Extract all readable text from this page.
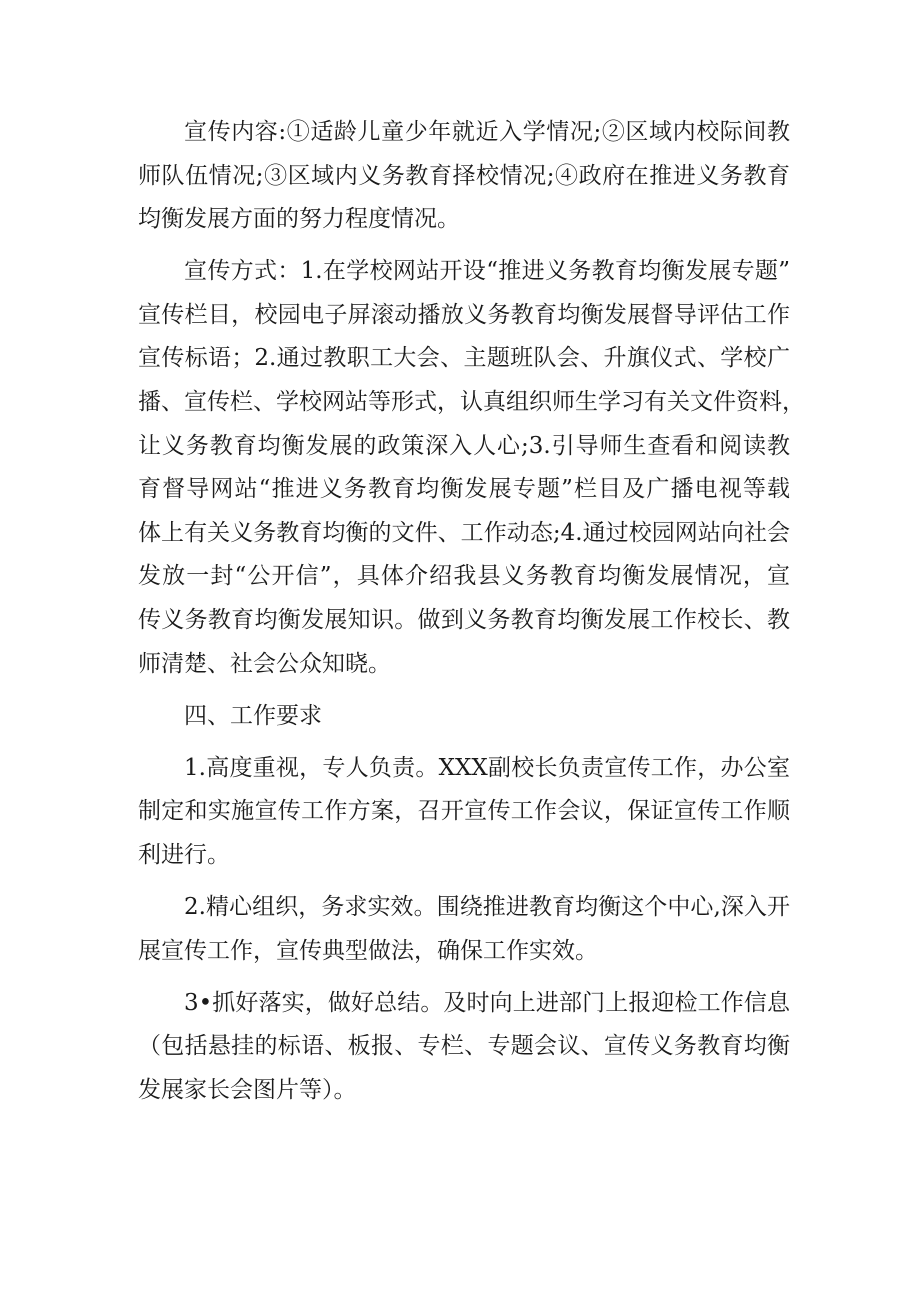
宣传内容:①适龄儿童少年就近入学情况;②区域内校际间教
师队伍情况;③区域内义务教育择校情况;④政府在推进义务教育
均衡发展方面的努力程度情况。
宣传方式：1.在学校网站开设“推进义务教育均衡发展专题”
宣传栏目，校园电子屏滚动播放义务教育均衡发展督导评估工作
宣传标语；2.通过教职工大会、主题班队会、升旗仪式、学校广
播、宣传栏、学校网站等形式，认真组织师生学习有关文件资料，
让义务教育均衡发展的政策深入人心;3.引导师生查看和阅读教
育督导网站“推进义务教育均衡发展专题”栏目及广播电视等载
体上有关义务教育均衡的文件、工作动态;4.通过校园网站向社会
发放一封“公开信”，具体介绍我县义务教育均衡发展情况，宣
传义务教育均衡发展知识。做到义务教育均衡发展工作校长、教
师清楚、社会公众知晓。
四、工作要求
1.高度重视，专人负责。XXX副校长负责宣传工作，办公室
制定和实施宣传工作方案，召开宣传工作会议，保证宣传工作顺
利进行。
2.精心组织，务求实效。围绕推进教育均衡这个中心,深入开
展宣传工作，宣传典型做法，确保工作实效。
3•抓好落实，做好总结。及时向上进部门上报迎检工作信息
（包括悬挂的标语、板报、专栏、专题会议、宣传义务教育均衡
发展家长会图片等）。
